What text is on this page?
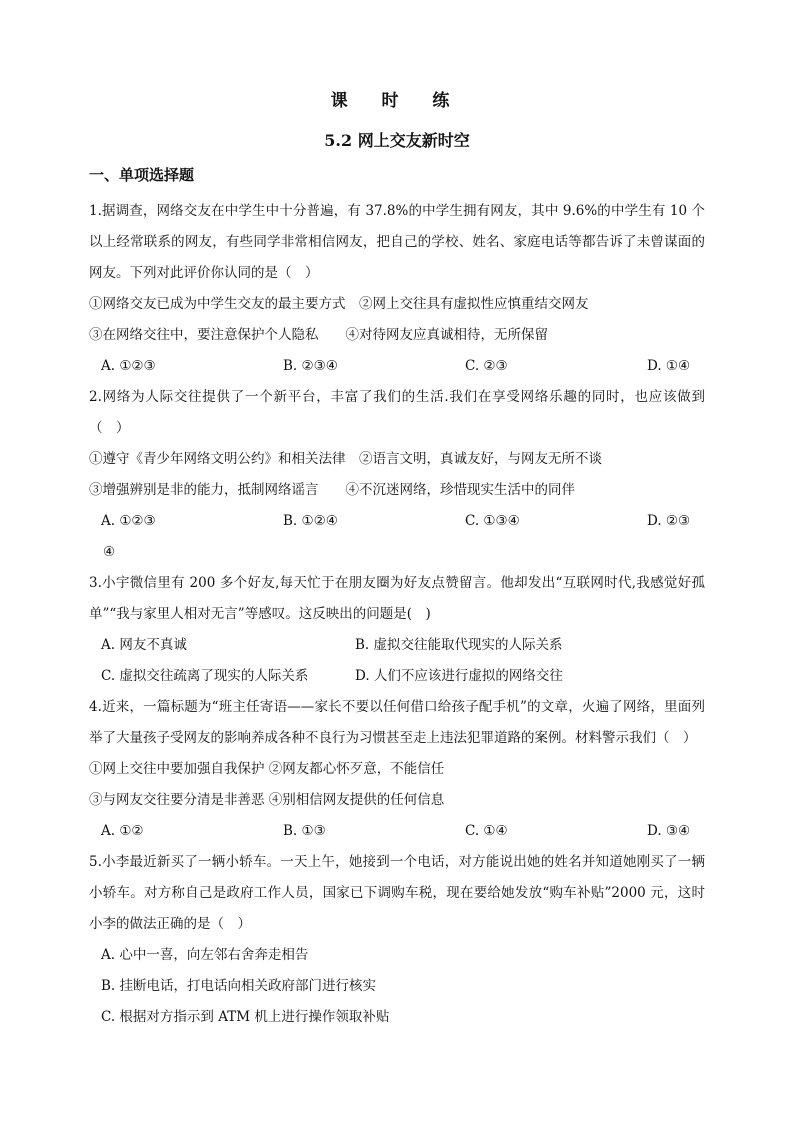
课 时 练
5.2 网上交友新时空
一、单项选择题

1.据调查，网络交友在中学生中十分普遍，有 37.8%的中学生拥有网友，其中 9.6%的中学生有 10 个以上经常联系的网友，有些同学非常相信网友，把自己的学校、姓名、家庭电话等都告诉了未曾谋面的网友。下列对此评价你认同的是（　）

①网络交友已成为中学生交友的最主要方式　②网上交往具有虚拟性应慎重结交网友

③在网络交往中，要注意保护个人隐私　　④对待网友应真诚相待，无所保留

A. ①②③	B. ②③④	C. ②③	D. ①④

2.网络为人际交往提供了一个新平台，丰富了我们的生活.我们在享受网络乐趣的同时，也应该做到（　）

①遵守《青少年网络文明公约》和相关法律　②语言文明，真诚友好，与网友无所不谈

③增强辨别是非的能力，抵制网络谣言　　④不沉迷网络，珍惜现实生活中的同伴

A. ①②③	B. ①②④	C. ①③④	D. ②③

④

3.小宇微信里有 200 多个好友,每天忙于在朋友圈为好友点赞留言。他却发出“互联网时代,我感觉好孤单”“我与家里人相对无言”等感叹。这反映出的问题是(　)

A. 网友不真诚	B. 虚拟交往能取代现实的人际关系
C. 虚拟交往疏离了现实的人际关系	D. 人们不应该进行虚拟的网络交往

4.近来，一篇标题为“班主任寄语——家长不要以任何借口给孩子配手机”的文章，火遍了网络，里面列举了大量孩子受网友的影响养成各种不良行为习惯甚至走上违法犯罪道路的案例。材料警示我们（　）

①网上交往中要加强自我保护 ②网友都心怀歹意，不能信任

③与网友交往要分清是非善恶 ④别相信网友提供的任何信息

A. ①②	B. ①③	C. ①④	D. ③④

5.小李最近新买了一辆小轿车。一天上午，她接到一个电话，对方能说出她的姓名并知道她刚买了一辆小轿车。对方称自己是政府工作人员，国家已下调购车税，现在要给她发放“购车补贴”2000 元，这时小李的做法正确的是（　）

A. 心中一喜，向左邻右舍奔走相告

B. 挂断电话，打电话向相关政府部门进行核实

C. 根据对方指示到 ATM 机上进行操作领取补贴
